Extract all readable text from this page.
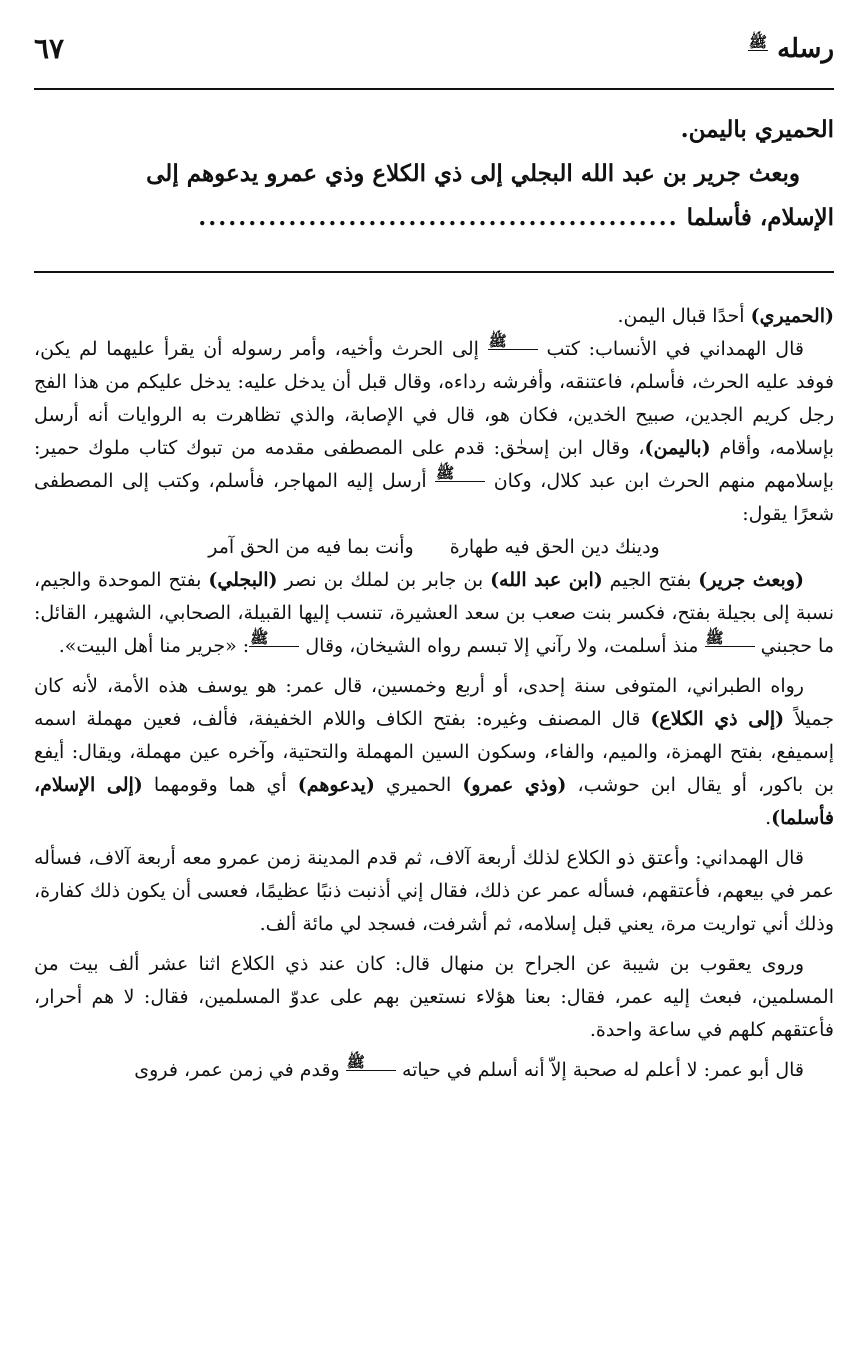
رسله ﷺ
٦٧

الحميري باليمن.

وبعث جرير بن عبد الله البجلي إلى ذي الكلاع وذي عمرو يدعوهم إلى

الإسلام، فأسلما ................................................

(الحميري) أحدًا قبال اليمن.

قال الهمداني في الأنساب: كتب ﷺ إلى الحرث وأخيه، وأمر رسوله أن يقرأ عليهما لم يكن، فوفد عليه الحرث، فأسلم، فاعتنقه، وأفرشه رداءه، وقال قبل أن يدخل عليه: يدخل عليكم من هذا الفج رجل كريم الجدين، صبيح الخدين، فكان هو، قال في الإصابة، والذي تظاهرت به الروايات أنه أرسل بإسلامه، وأقام (باليمن)، وقال ابن إسحٰق: قدم على المصطفى مقدمه من تبوك كتاب ملوك حمير: بإسلامهم منهم الحرث ابن عبد كلال، وكان ﷺ أرسل إليه المهاجر، فأسلم، وكتب إلى المصطفى شعرًا يقول:

ودينك دين الحق فيه طهارةوأنت بما فيه من الحق آمر

(وبعث جرير) بفتح الجيم (ابن عبد الله) بن جابر بن لملك بن نصر (البجلي) بفتح الموحدة والجيم، نسبة إلى بجيلة بفتح، فكسر بنت صعب بن سعد العشيرة، تنسب إليها القبيلة، الصحابي، الشهير، القائل: ما حجبني ﷺ منذ أسلمت، ولا رآني إلا تبسم رواه الشيخان، وقال ﷺ: «جرير منا أهل البيت».

رواه الطبراني، المتوفى سنة إحدى، أو أربع وخمسين، قال عمر: هو يوسف هذه الأمة، لأنه كان جميلاً (إلى ذي الكلاع) قال المصنف وغيره: بفتح الكاف واللام الخفيفة، فألف، فعين مهملة اسمه إسميفع، بفتح الهمزة، والميم، والفاء، وسكون السين المهملة والتحتية، وآخره عين مهملة، ويقال: أيفع بن باكور، أو يقال ابن حوشب، (وذي عمرو) الحميري (يدعوهم) أي هما وقومهما (إلى الإسلام، فأسلما).

قال الهمداني: وأعتق ذو الكلاع لذلك أربعة آلاف، ثم قدم المدينة زمن عمرو معه أربعة آلاف، فسأله عمر في بيعهم، فأعتقهم، فسأله عمر عن ذلك، فقال إني أذنبت ذنبًا عظيمًا، فعسى أن يكون ذلك كفارة، وذلك أني تواريت مرة، يعني قبل إسلامه، ثم أشرفت، فسجد لي مائة ألف.

وروى يعقوب بن شيبة عن الجراح بن منهال قال: كان عند ذي الكلاع اثنا عشر ألف بيت من المسلمين، فبعث إليه عمر، فقال: بعنا هؤلاء نستعين بهم على عدوّ المسلمين، فقال: لا هم أحرار، فأعتقهم كلهم في ساعة واحدة.

قال أبو عمر: لا أعلم له صحبة إلاّ أنه أسلم في حياته ﷺ وقدم في زمن عمر، فروى
